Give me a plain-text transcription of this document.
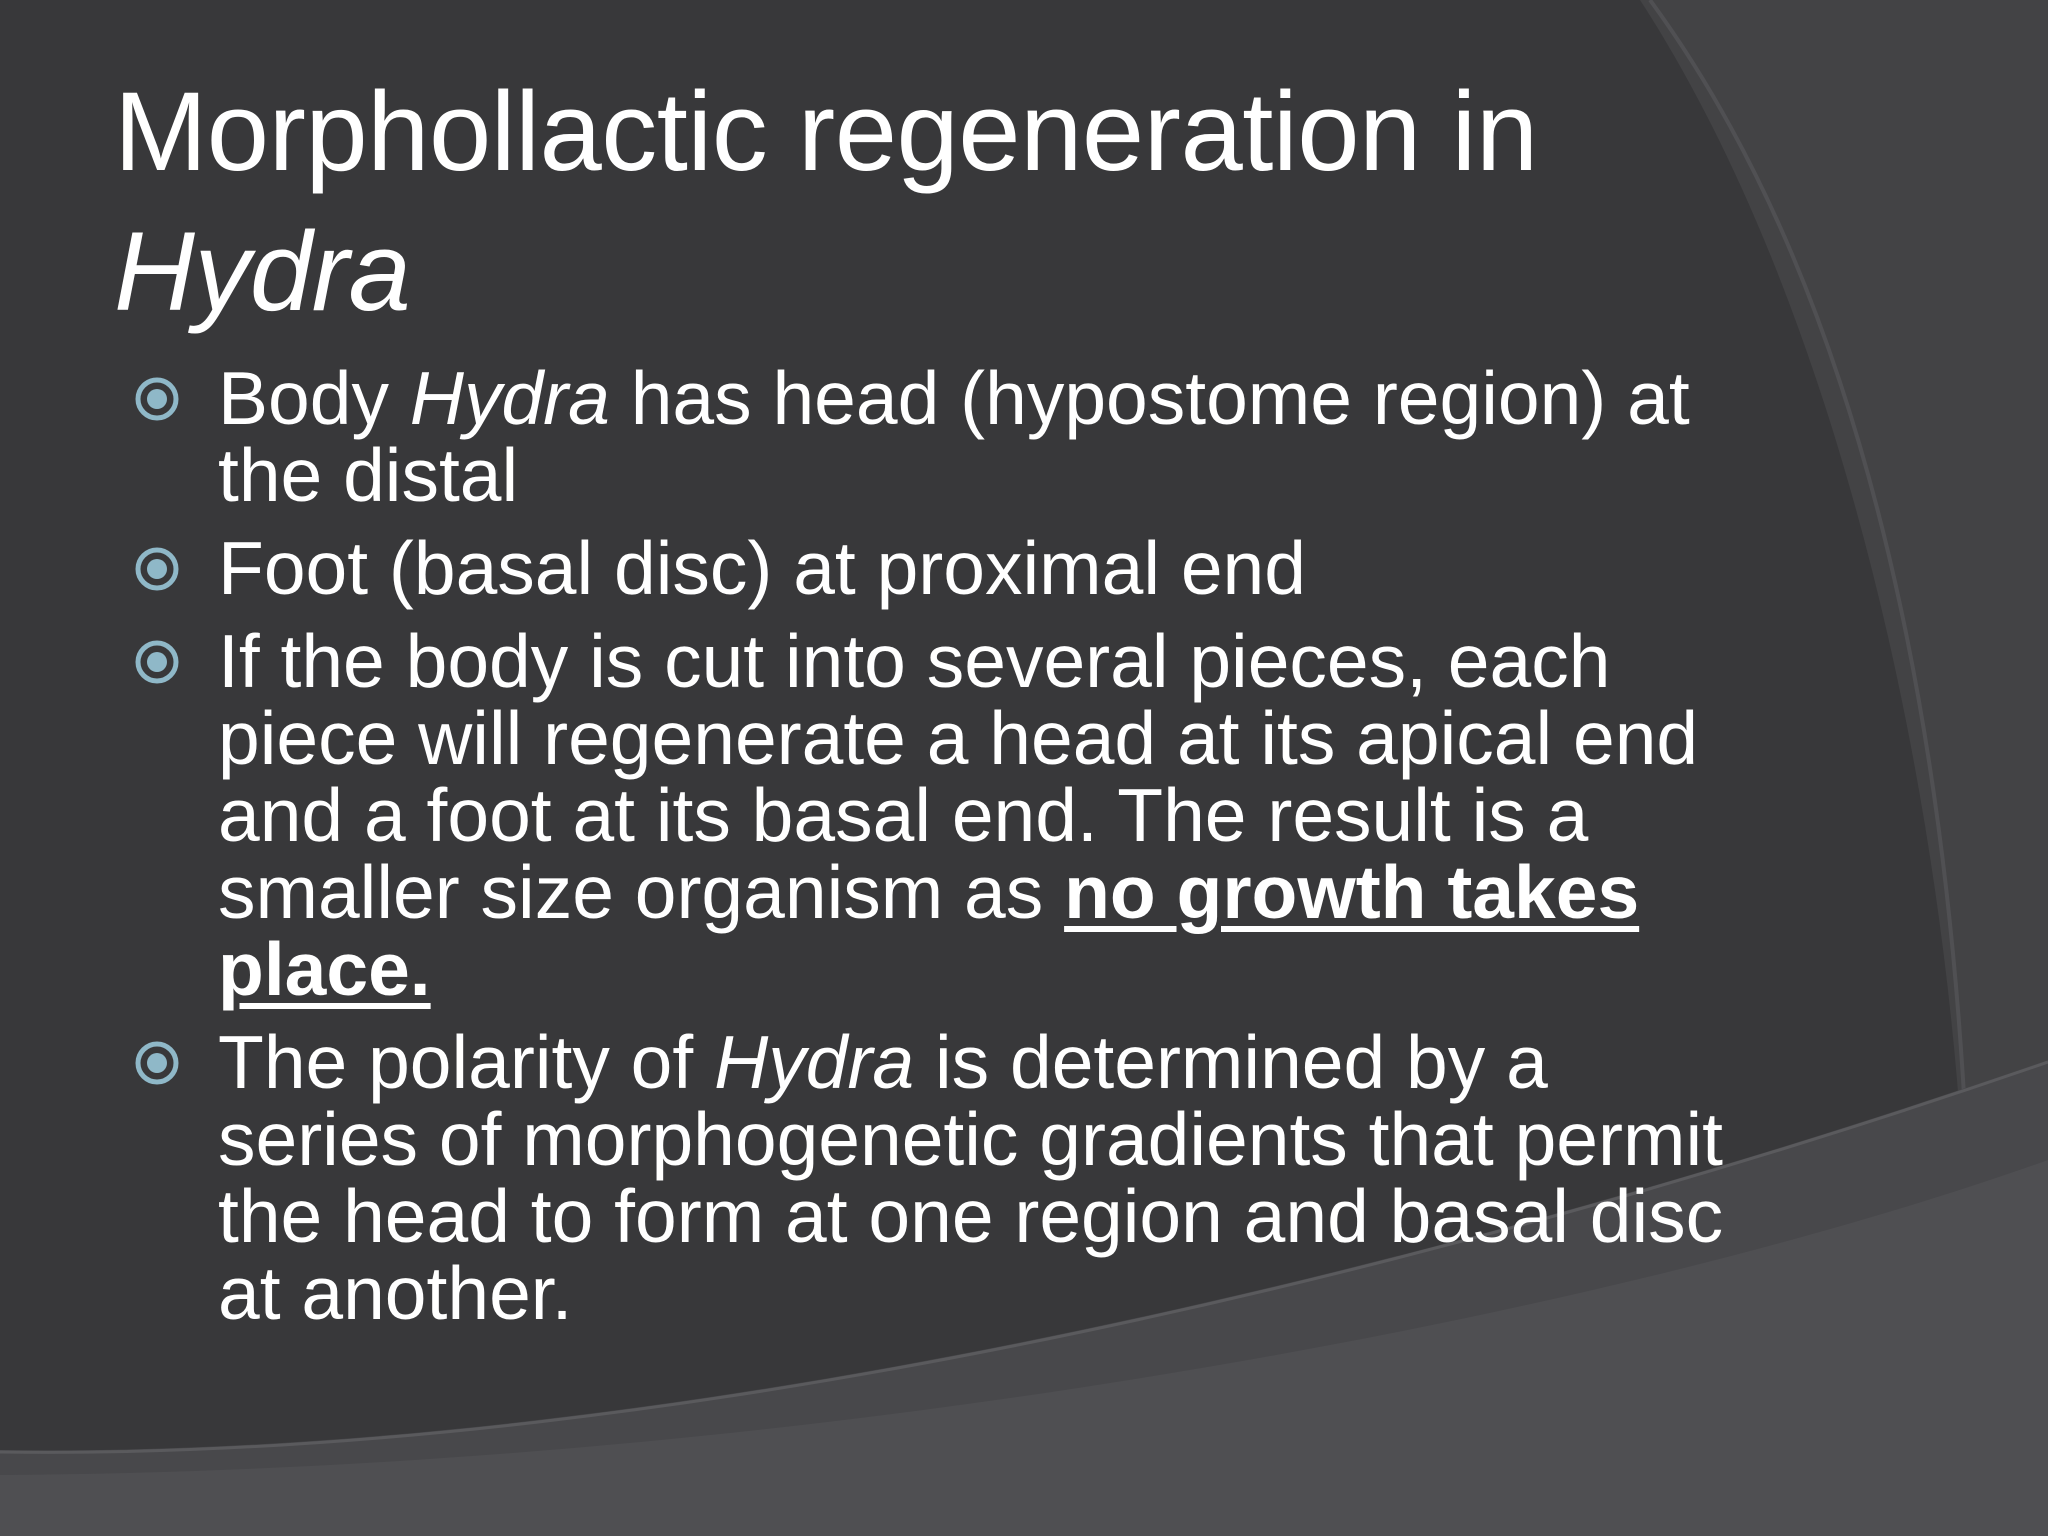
Morphollactic regeneration in
Hydra
Body Hydra has head (hypostome region) at the distal
Foot (basal disc) at proximal end
If the body is cut into several pieces, each piece will regenerate a head at its apical end and a foot at its basal end. The result is a smaller size organism as no growth takes place.
The polarity of Hydra is determined by a series of morphogenetic gradients that permit the head to form at one region and basal disc at another.
